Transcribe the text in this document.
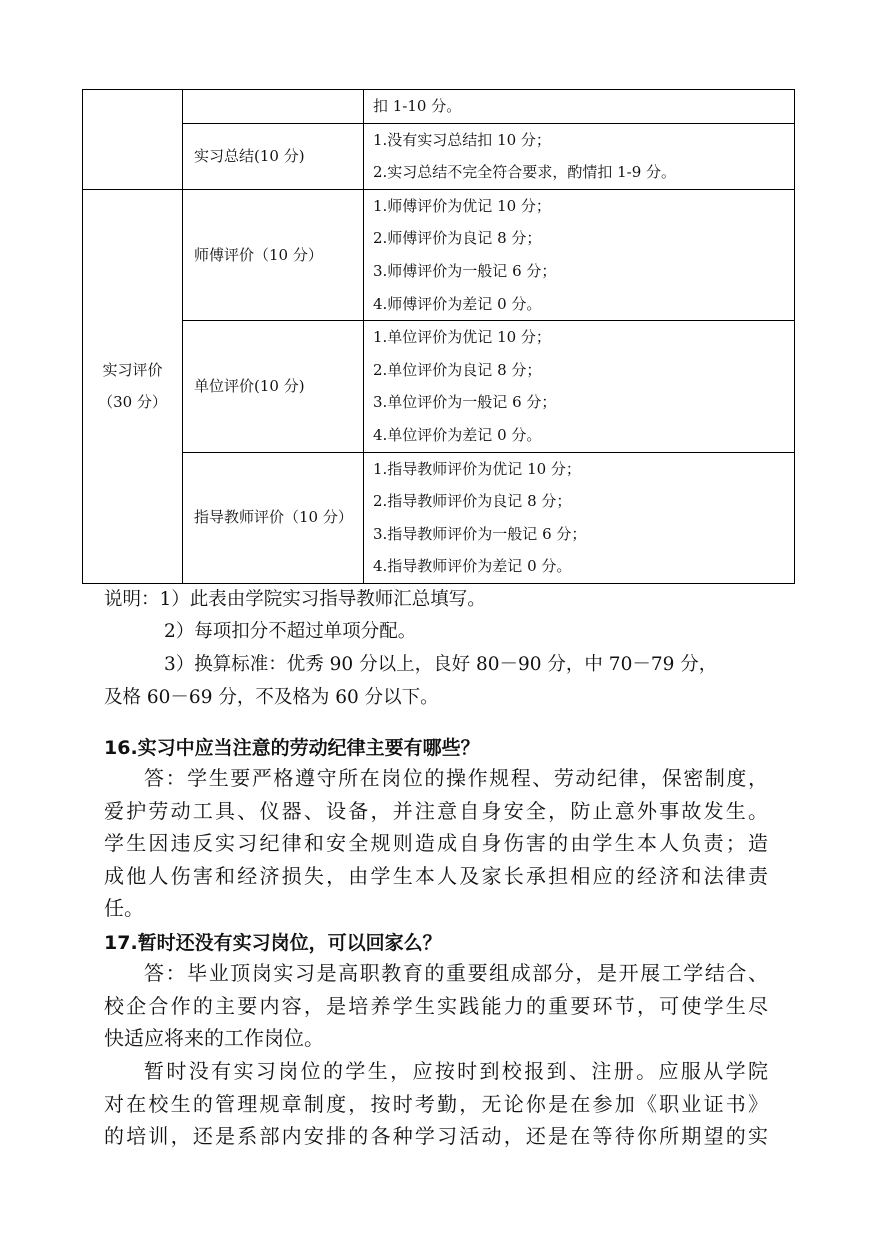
		扣 1-10 分。

	实习总结(10 分)	1.没有实习总结扣 10 分；
2.实习总结不完全符合要求，酌情扣 1-9 分。

实习评价
（30 分）	师傅评价（10 分）	1.师傅评价为优记 10 分；
2.师傅评价为良记 8 分；
3.师傅评价为一般记 6 分；
4.师傅评价为差记 0 分。

	单位评价(10 分)	1.单位评价为优记 10 分；
2.单位评价为良记 8 分；
3.单位评价为一般记 6 分；
4.单位评价为差记 0 分。

	指导教师评价（10 分）	1.指导教师评价为优记 10 分；
2.指导教师评价为良记 8 分；
3.指导教师评价为一般记 6 分；
4.指导教师评价为差记 0 分。
说明：1）此表由学院实习指导教师汇总填写。
2）每项扣分不超过单项分配。
3）换算标准：优秀 90 分以上，良好 80－90 分，中 70－79 分，
及格 60－69 分，不及格为 60 分以下。
16.实习中应当注意的劳动纪律主要有哪些？
答：学生要严格遵守所在岗位的操作规程、劳动纪律，保密制度，
爱护劳动工具、仪器、设备，并注意自身安全，防止意外事故发生。
学生因违反实习纪律和安全规则造成自身伤害的由学生本人负责；造
成他人伤害和经济损失，由学生本人及家长承担相应的经济和法律责
任。
17.暂时还没有实习岗位，可以回家么？
答：毕业顶岗实习是高职教育的重要组成部分，是开展工学结合、
校企合作的主要内容，是培养学生实践能力的重要环节，可使学生尽
快适应将来的工作岗位。
暂时没有实习岗位的学生，应按时到校报到、注册。应服从学院
对在校生的管理规章制度，按时考勤，无论你是在参加《职业证书》
的培训，还是系部内安排的各种学习活动，还是在等待你所期望的实
